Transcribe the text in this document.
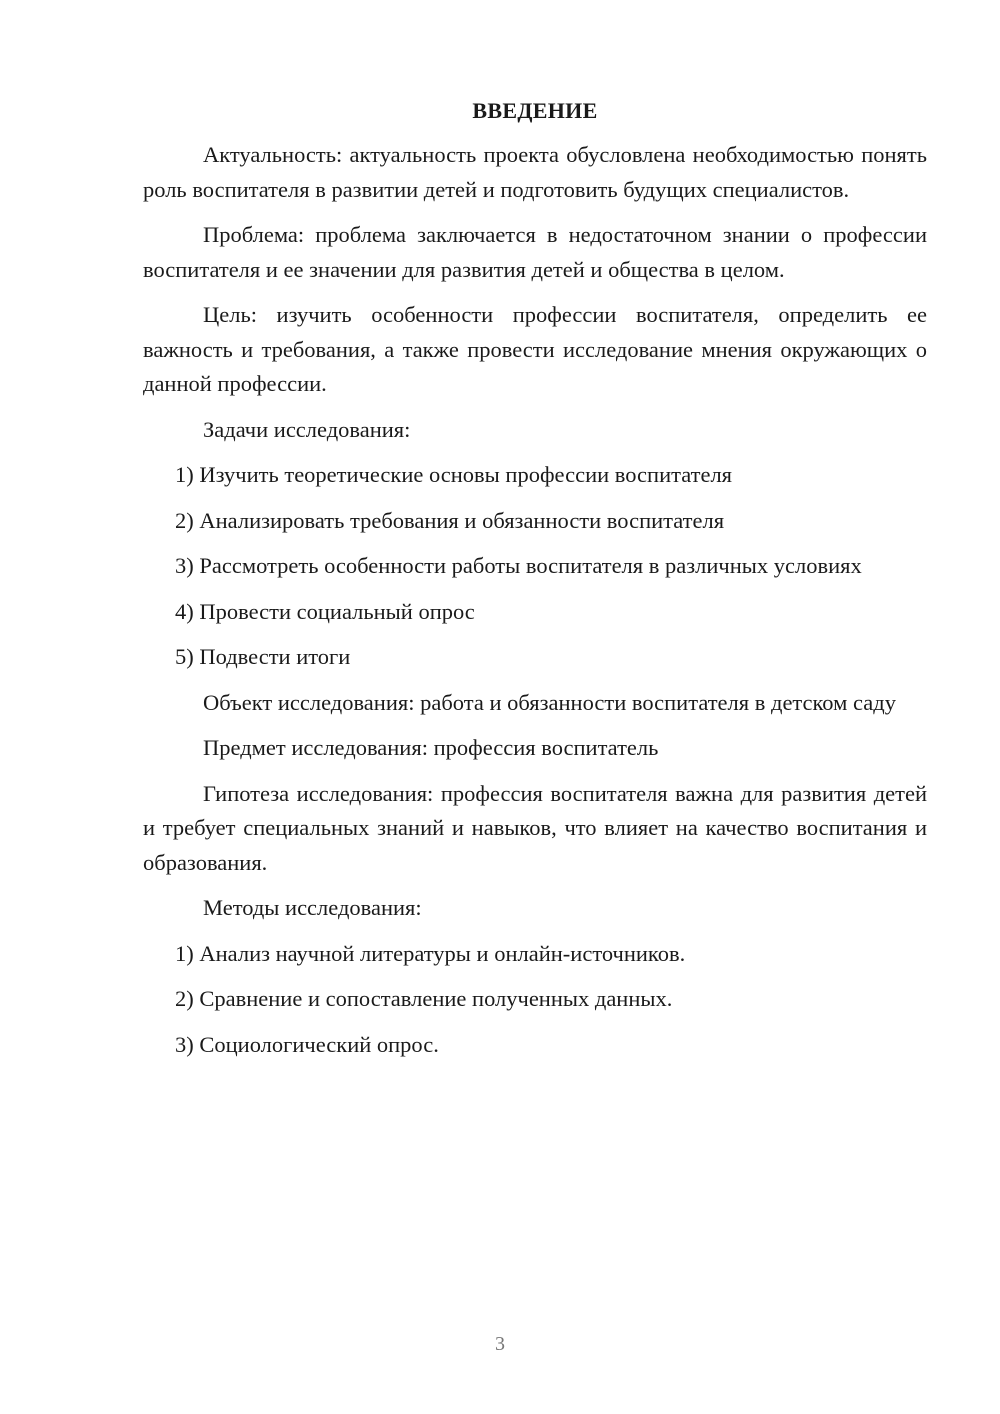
ВВЕДЕНИЕ

Актуальность: актуальность проекта обусловлена необходимостью понять роль воспитателя в развитии детей и подготовить будущих специалистов.

Проблема: проблема заключается в недостаточном знании о профессии воспитателя и ее значении для развития детей и общества в целом.

Цель: изучить особенности профессии воспитателя, определить ее важность и требования, а также провести исследование мнения окружающих о данной профессии.

Задачи исследования:

1) Изучить теоретические основы профессии воспитателя

2) Анализировать требования и обязанности воспитателя

3) Рассмотреть особенности работы воспитателя в различных условиях

4) Провести социальный опрос

5) Подвести итоги

Объект исследования: работа и обязанности воспитателя в детском саду

Предмет исследования: профессия воспитатель

Гипотеза исследования: профессия воспитателя важна для развития детей и требует специальных знаний и навыков, что влияет на качество воспитания и образования.

Методы исследования:

1) Анализ научной литературы и онлайн-источников.

2) Сравнение и сопоставление полученных данных.

3) Социологический опрос.

3
